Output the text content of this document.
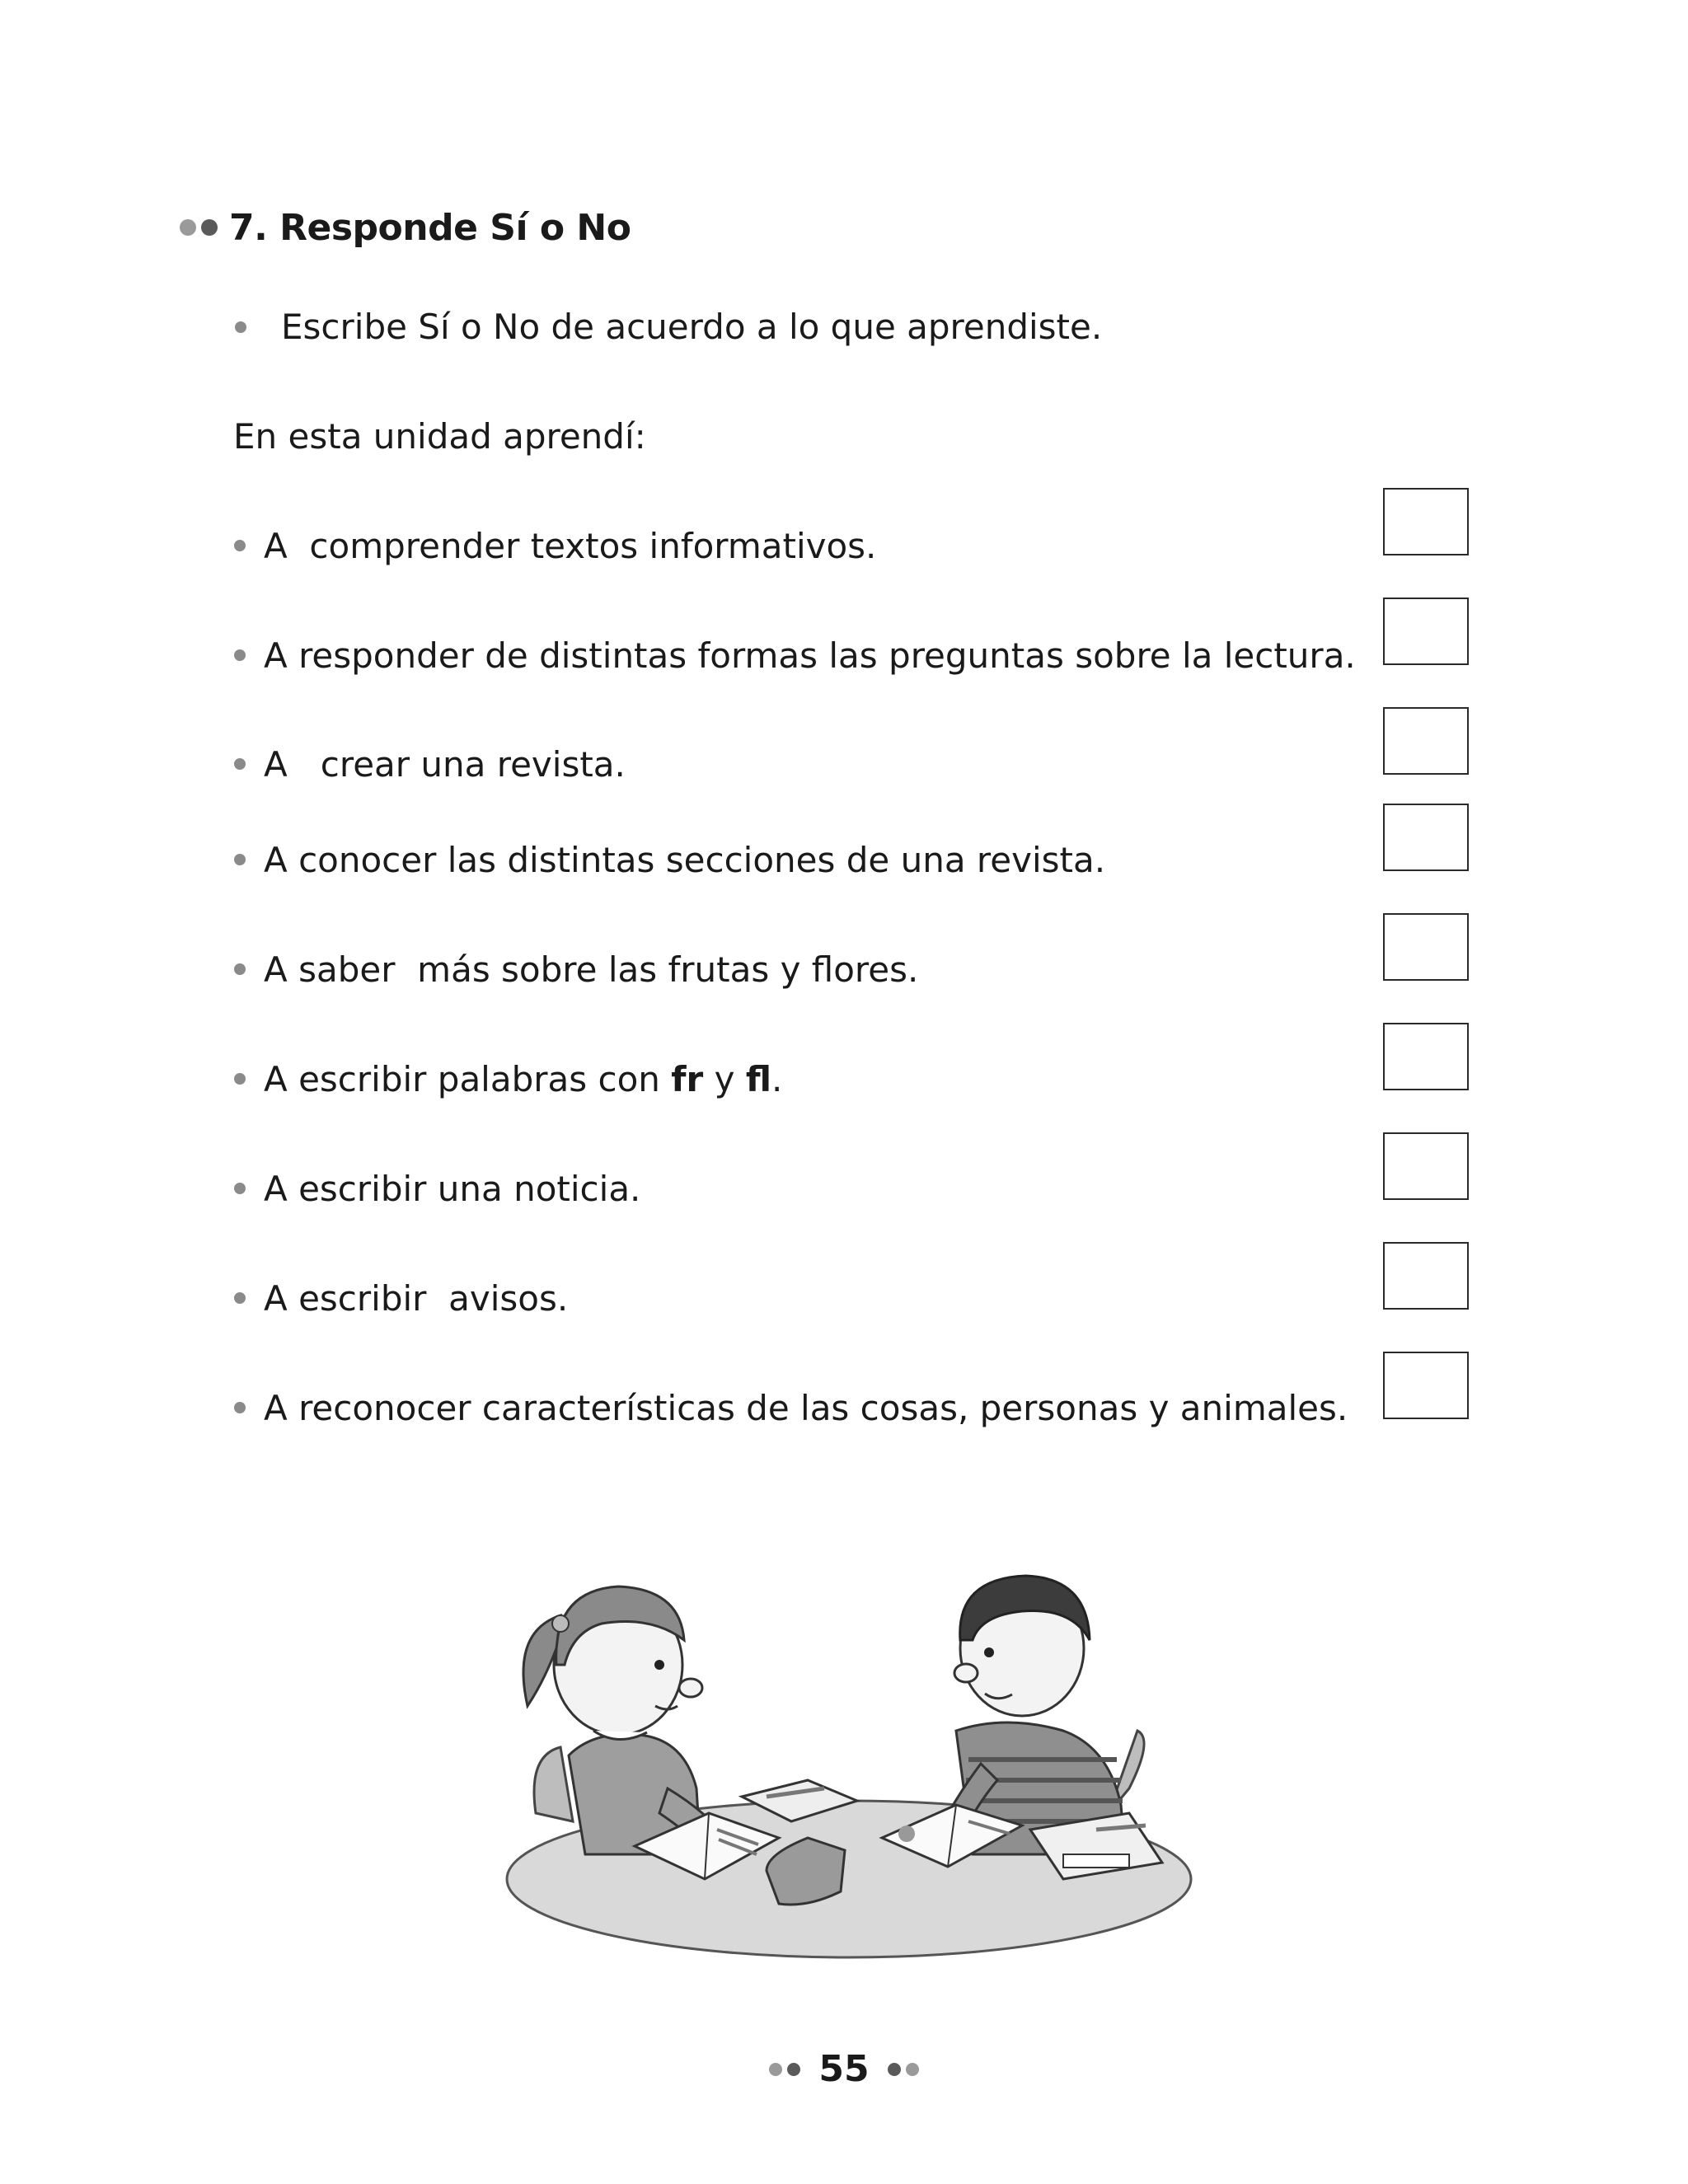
7. Responde Sí o No
Escribe Sí o No de acuerdo a lo que aprendiste.
En esta unidad aprendí:
A  comprender textos informativos.
A responder de distintas formas las preguntas sobre la lectura.
A   crear una revista.
A conocer las distintas secciones de una revista.
A saber  más sobre las frutas y flores.
A escribir palabras con fr y fl .
A escribir una noticia.
A escribir  avisos.
A reconocer características de las cosas, personas y animales.
55
